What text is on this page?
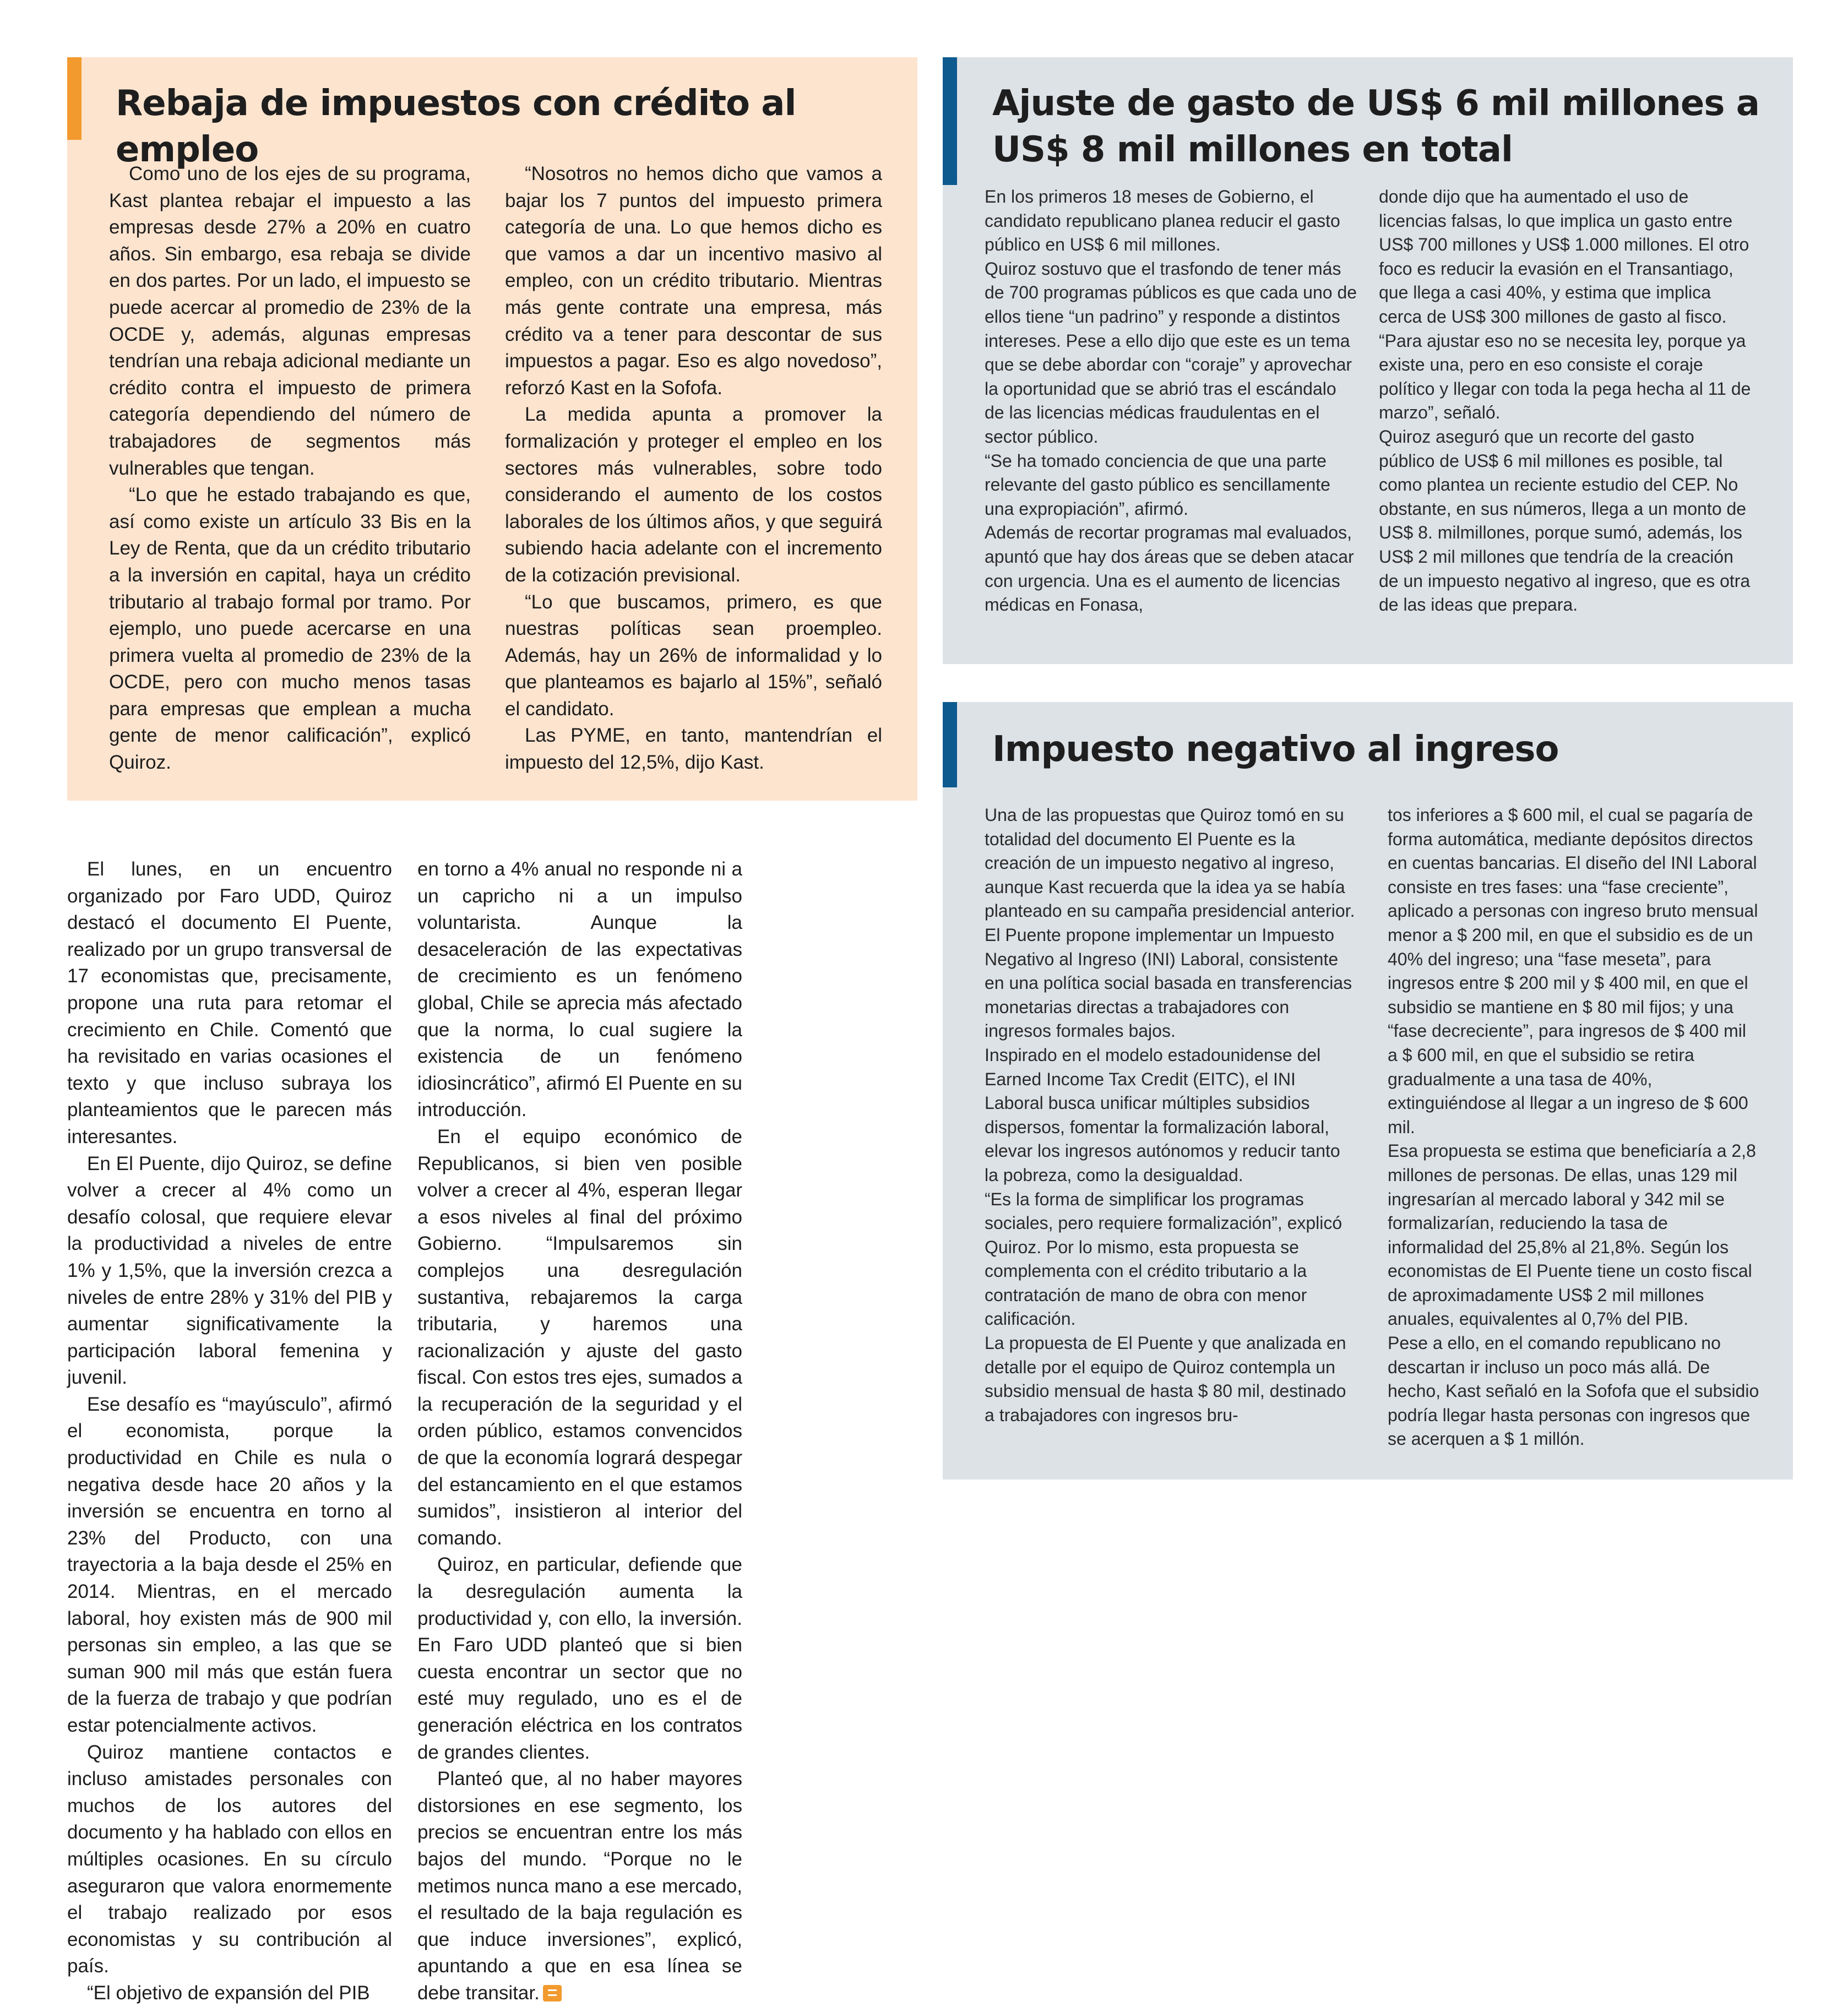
Rebaja de impuestos con crédito al empleo

Como uno de los ejes de su programa, Kast plantea rebajar el impuesto a las empresas desde 27% a 20% en cuatro años. Sin embargo, esa rebaja se divide en dos partes. Por un lado, el impuesto se puede acercar al promedio de 23% de la OCDE y, además, algunas empresas tendrían una rebaja adicional mediante un crédito contra el impuesto de primera categoría dependiendo del número de trabajadores de segmentos más vulnerables que tengan.

“Lo que he estado trabajando es que, así como existe un artículo 33 Bis en la Ley de Renta, que da un crédito tributario a la inversión en capital, haya un crédito tributario al trabajo formal por tramo. Por ejemplo, uno puede acercarse en una primera vuelta al promedio de 23% de la OCDE, pero con mucho menos tasas para empresas que emplean a mucha gente de menor calificación”, explicó Quiroz.

“Nosotros no hemos dicho que vamos a bajar los 7 puntos del impuesto primera categoría de una. Lo que hemos dicho es que vamos a dar un incentivo masivo al empleo, con un crédito tributario. Mientras más gente contrate una empresa, más crédito va a tener para descontar de sus impuestos a pagar. Eso es algo novedoso”, reforzó Kast en la Sofofa.

La medida apunta a promover la formalización y proteger el empleo en los sectores más vulnerables, sobre todo considerando el aumento de los costos laborales de los últimos años, y que seguirá subiendo hacia adelante con el incremento de la cotización previsional.

“Lo que buscamos, primero, es que nuestras políticas sean proempleo. Además, hay un 26% de informalidad y lo que planteamos es bajarlo al 15%”, señaló el candidato.

Las PYME, en tanto, mantendrían el impuesto del 12,5%, dijo Kast.

Ajuste de gasto de US$ 6 mil millones a US$ 8 mil millones en total

En los primeros 18 meses de Gobierno, el candidato republicano planea reducir el gasto público en US$ 6 mil millones.

Quiroz sostuvo que el trasfondo de tener más de 700 programas públicos es que cada uno de ellos tiene “un padrino” y responde a distintos intereses. Pese a ello dijo que este es un tema que se debe abordar con “coraje” y aprovechar la oportunidad que se abrió tras el escándalo de las licencias médicas fraudulentas en el sector público.

“Se ha tomado conciencia de que una parte relevante del gasto público es sencillamente una expropiación”, afirmó.

Además de recortar programas mal evaluados, apuntó que hay dos áreas que se deben atacar con urgencia. Una es el aumento de licencias médicas en Fonasa,

donde dijo que ha aumentado el uso de licencias falsas, lo que implica un gasto entre US$ 700 millones y US$ 1.000 millones. El otro foco es reducir la evasión en el Transantiago, que llega a casi 40%, y estima que implica cerca de US$ 300 millones de gasto al fisco. “Para ajustar eso no se necesita ley, porque ya existe una, pero en eso consiste el coraje político y llegar con toda la pega hecha al 11 de marzo”, señaló.

Quiroz aseguró que un recorte del gasto público de US$ 6 mil millones es posible, tal como plantea un reciente estudio del CEP. No obstante, en sus números, llega a un monto de US$ 8. milmillones, porque sumó, además, los US$ 2 mil millones que tendría de la creación de un impuesto negativo al ingreso, que es otra de las ideas que prepara.

Impuesto negativo al ingreso

Una de las propuestas que Quiroz tomó en su totalidad del documento El Puente es la creación de un impuesto negativo al ingreso, aunque Kast recuerda que la idea ya se había planteado en su campaña presidencial anterior.

El Puente propone implementar un Impuesto Negativo al Ingreso (INI) Laboral, consistente en una política social basada en transferencias monetarias directas a trabajadores con ingresos formales bajos.

Inspirado en el modelo estadounidense del Earned Income Tax Credit (EITC), el INI Laboral busca unificar múltiples subsidios dispersos, fomentar la formalización laboral, elevar los ingresos autónomos y reducir tanto la pobreza, como la desigualdad.

“Es la forma de simplificar los programas sociales, pero requiere formalización”, explicó Quiroz. Por lo mismo, esta propuesta se complementa con el crédito tributario a la contratación de mano de obra con menor calificación.

La propuesta de El Puente y que analizada en detalle por el equipo de Quiroz contempla un subsidio mensual de hasta $ 80 mil, destinado a trabajadores con ingresos bru-

tos inferiores a $ 600 mil, el cual se pagaría de forma automática, mediante depósitos directos en cuentas bancarias. El diseño del INI Laboral consiste en tres fases: una “fase creciente”, aplicado a personas con ingreso bruto mensual menor a $ 200 mil, en que el subsidio es de un 40% del ingreso; una “fase meseta”, para ingresos entre $ 200 mil y $ 400 mil, en que el subsidio se mantiene en $ 80 mil fijos; y una “fase decreciente”, para ingresos de $ 400 mil a $ 600 mil, en que el subsidio se retira gradualmente a una tasa de 40%, extinguiéndose al llegar a un ingreso de $ 600 mil.

Esa propuesta se estima que beneficiaría a 2,8 millones de personas. De ellas, unas 129 mil ingresarían al mercado laboral y 342 mil se formalizarían, reduciendo la tasa de informalidad del 25,8% al 21,8%. Según los economistas de El Puente tiene un costo fiscal de aproximadamente US$ 2 mil millones anuales, equivalentes al 0,7% del PIB.

Pese a ello, en el comando republicano no descartan ir incluso un poco más allá. De hecho, Kast señaló en la Sofofa que el subsidio podría llegar hasta personas con ingresos que se acerquen a $ 1 millón.

El lunes, en un encuentro organizado por Faro UDD, Quiroz destacó el documento El Puente, realizado por un grupo transversal de 17 economistas que, precisamente, propone una ruta para retomar el crecimiento en Chile. Comentó que ha revisitado en varias ocasiones el texto y que incluso subraya los planteamientos que le parecen más interesantes.

En El Puente, dijo Quiroz, se define volver a crecer al 4% como un desafío colosal, que requiere elevar la productividad a niveles de entre 1% y 1,5%, que la inversión crezca a niveles de entre 28% y 31% del PIB y aumentar significativamente la participación laboral femenina y juvenil.

Ese desafío es “mayúsculo”, afirmó el economista, porque la productividad en Chile es nula o negativa desde hace 20 años y la inversión se encuentra en torno al 23% del Producto, con una trayectoria a la baja desde el 25% en 2014. Mientras, en el mercado laboral, hoy existen más de 900 mil personas sin empleo, a las que se suman 900 mil más que están fuera de la fuerza de trabajo y que podrían estar potencialmente activos.

Quiroz mantiene contactos e incluso amistades personales con muchos de los autores del documento y ha hablado con ellos en múltiples ocasiones. En su círculo aseguraron que valora enormemente el trabajo realizado por esos economistas y su contribución al país.

“El objetivo de expansión del PIB

en torno a 4% anual no responde ni a un capricho ni a un impulso voluntarista. Aunque la desaceleración de las expectativas de crecimiento es un fenómeno global, Chile se aprecia más afectado que la norma, lo cual sugiere la existencia de un fenómeno idiosincrático”, afirmó El Puente en su introducción.

En el equipo económico de Republicanos, si bien ven posible volver a crecer al 4%, esperan llegar a esos niveles al final del próximo Gobierno. “Impulsaremos sin complejos una desregulación sustantiva, rebajaremos la carga tributaria, y haremos una racionalización y ajuste del gasto fiscal. Con estos tres ejes, sumados a la recuperación de la seguridad y el orden público, estamos convencidos de que la economía logrará despegar del estancamiento en el que estamos sumidos”, insistieron al interior del comando.

Quiroz, en particular, defiende que la desregulación aumenta la productividad y, con ello, la inversión. En Faro UDD planteó que si bien cuesta encontrar un sector que no esté muy regulado, uno es el de generación eléctrica en los contratos de grandes clientes.

Planteó que, al no haber mayores distorsiones en ese segmento, los precios se encuentran entre los más bajos del mundo. “Porque no le metimos nunca mano a ese mercado, el resultado de la baja regulación es que induce inversiones”, explicó, apuntando a que en esa línea se debe transitar.
